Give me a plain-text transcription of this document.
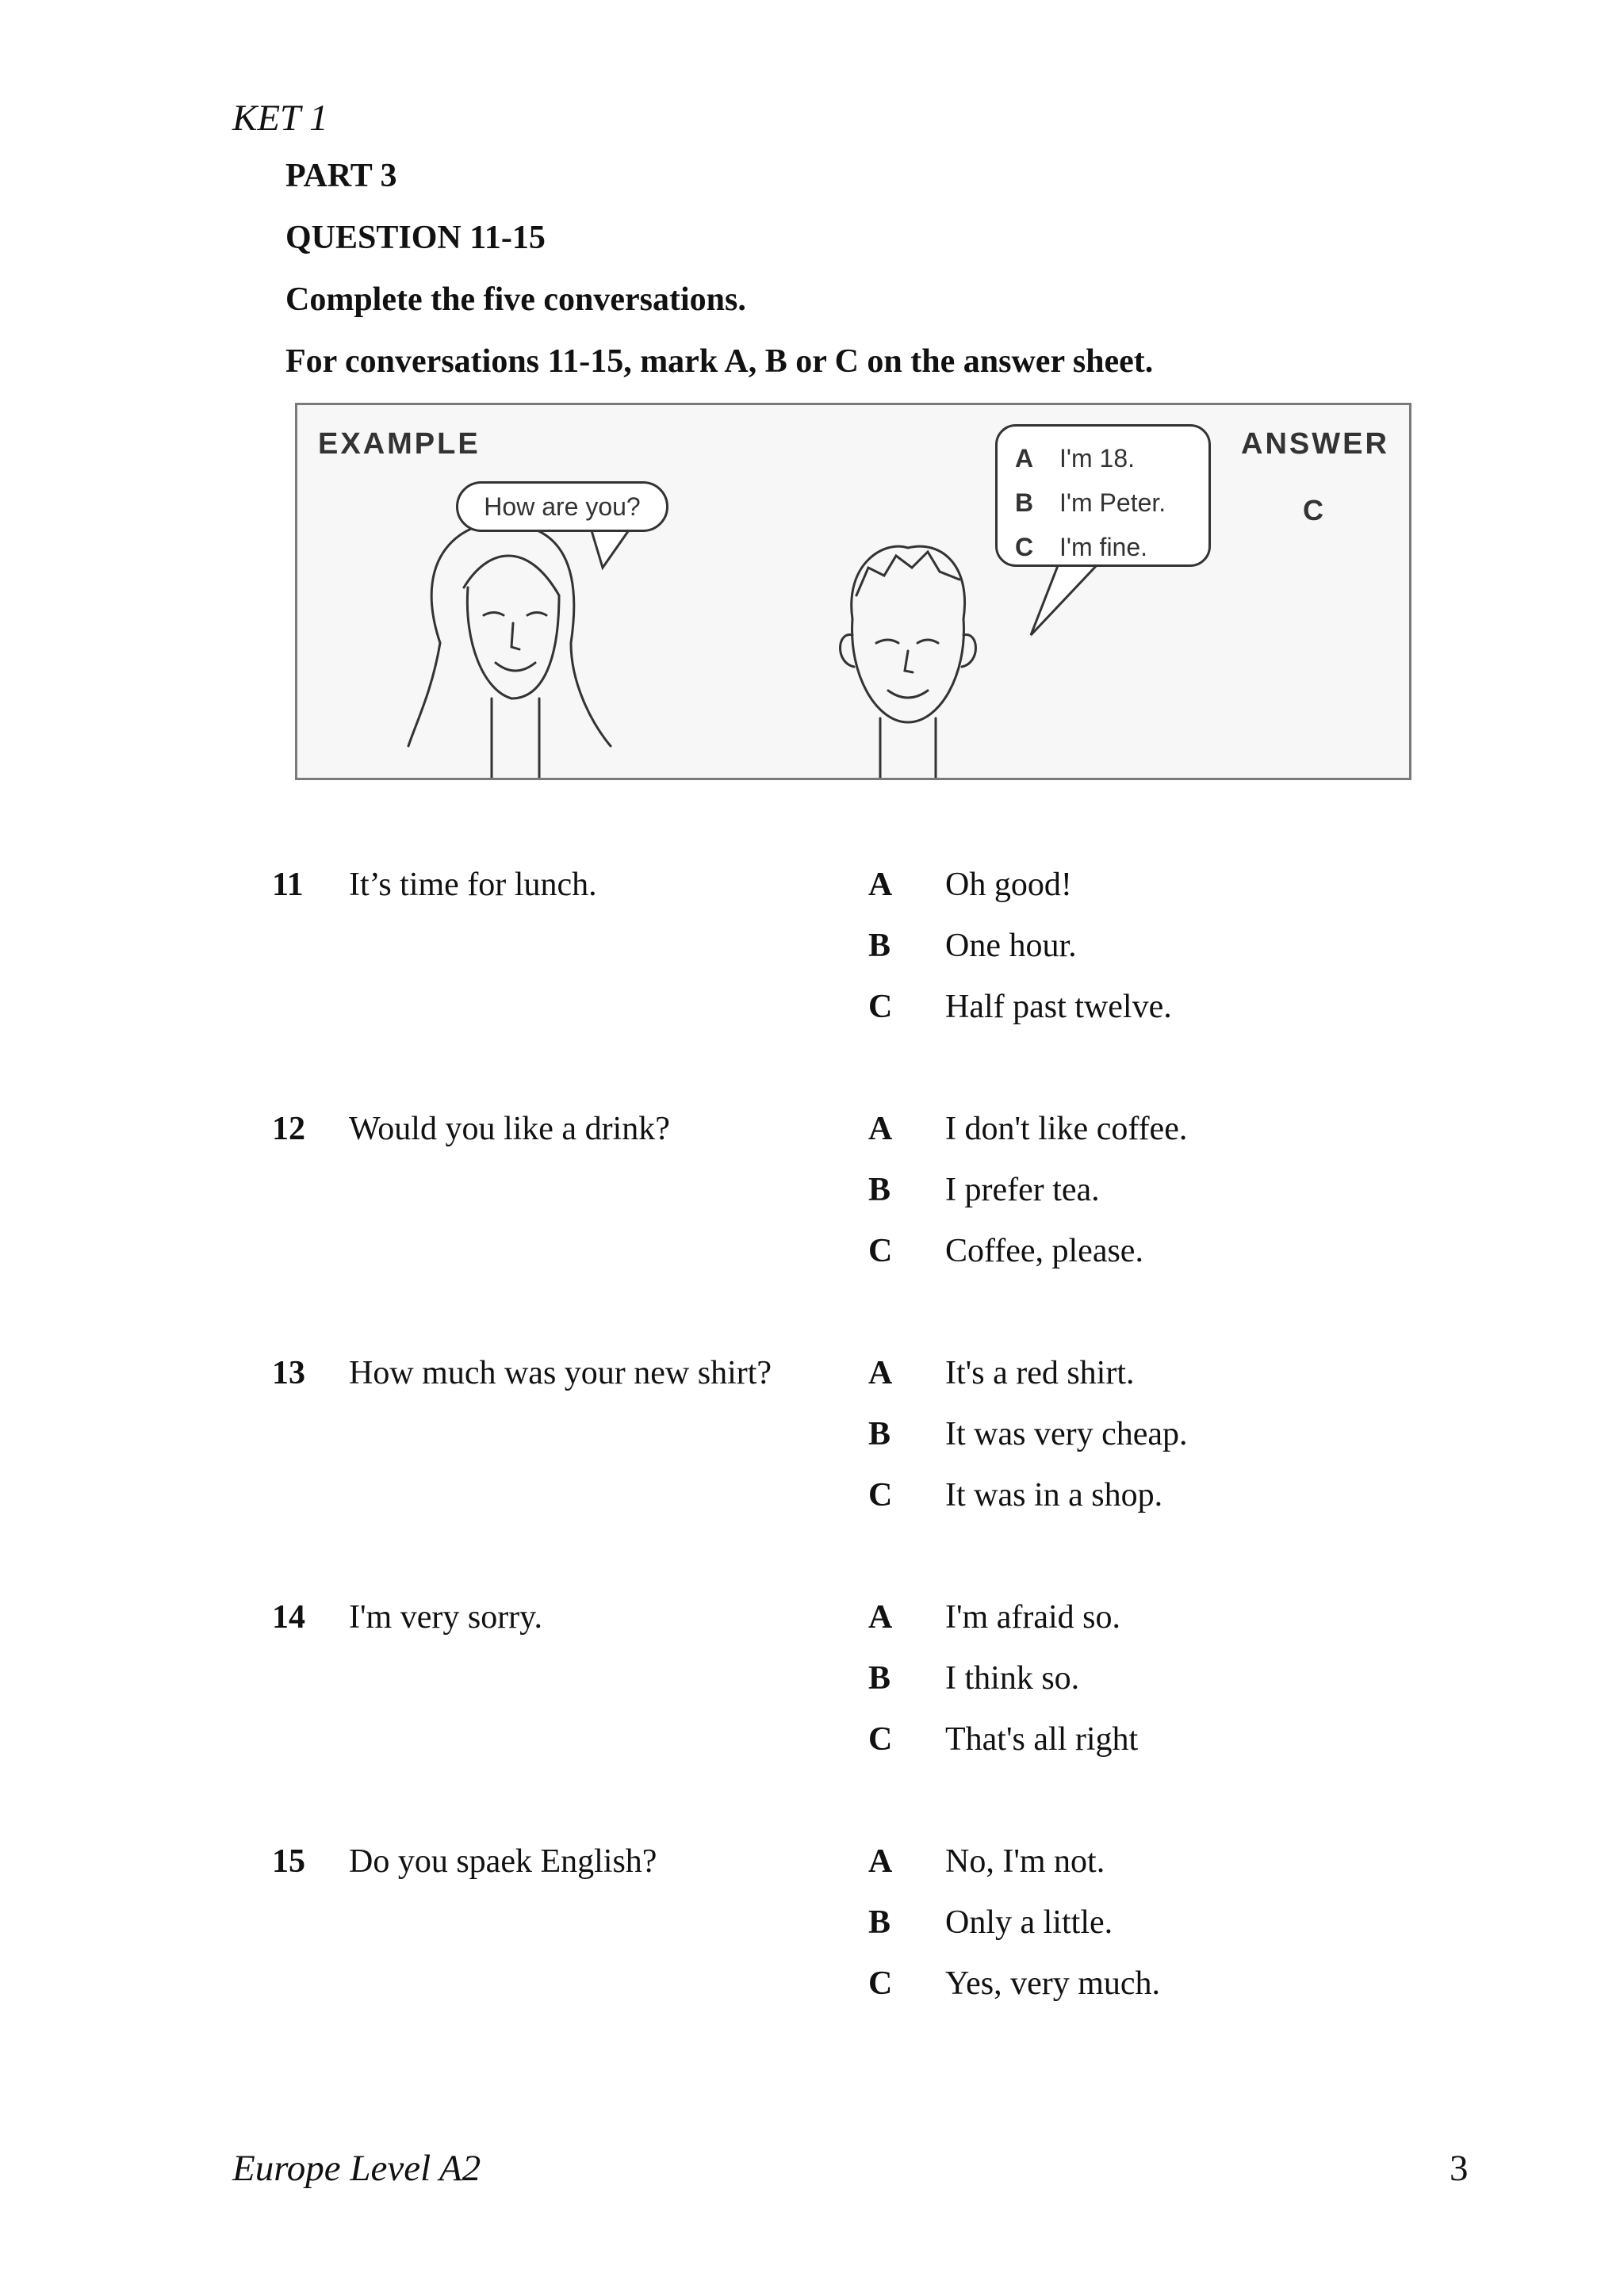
KET 1
PART 3
QUESTION 11-15
Complete the five conversations.
For conversations 11-15, mark A, B or C on the answer sheet.
EXAMPLE
How are you?
A I'm 18.
B I'm Peter.
C I'm fine.
ANSWER
C
11 It’s time for lunch.	A Oh good!
B One hour.
C Half past twelve.
12 Would you like a drink?	A I don't like coffee.
B I prefer tea.
C Coffee, please.
13 How much was your new shirt?	A It's a red shirt.
B It was very cheap.
C It was in a shop.
14 I'm very sorry.	A I'm afraid so.
B I think so.
C That's all right
15 Do you spaek English?	A No, I'm not.
B Only a little.
C Yes, very much.
Europe Level A2	3
